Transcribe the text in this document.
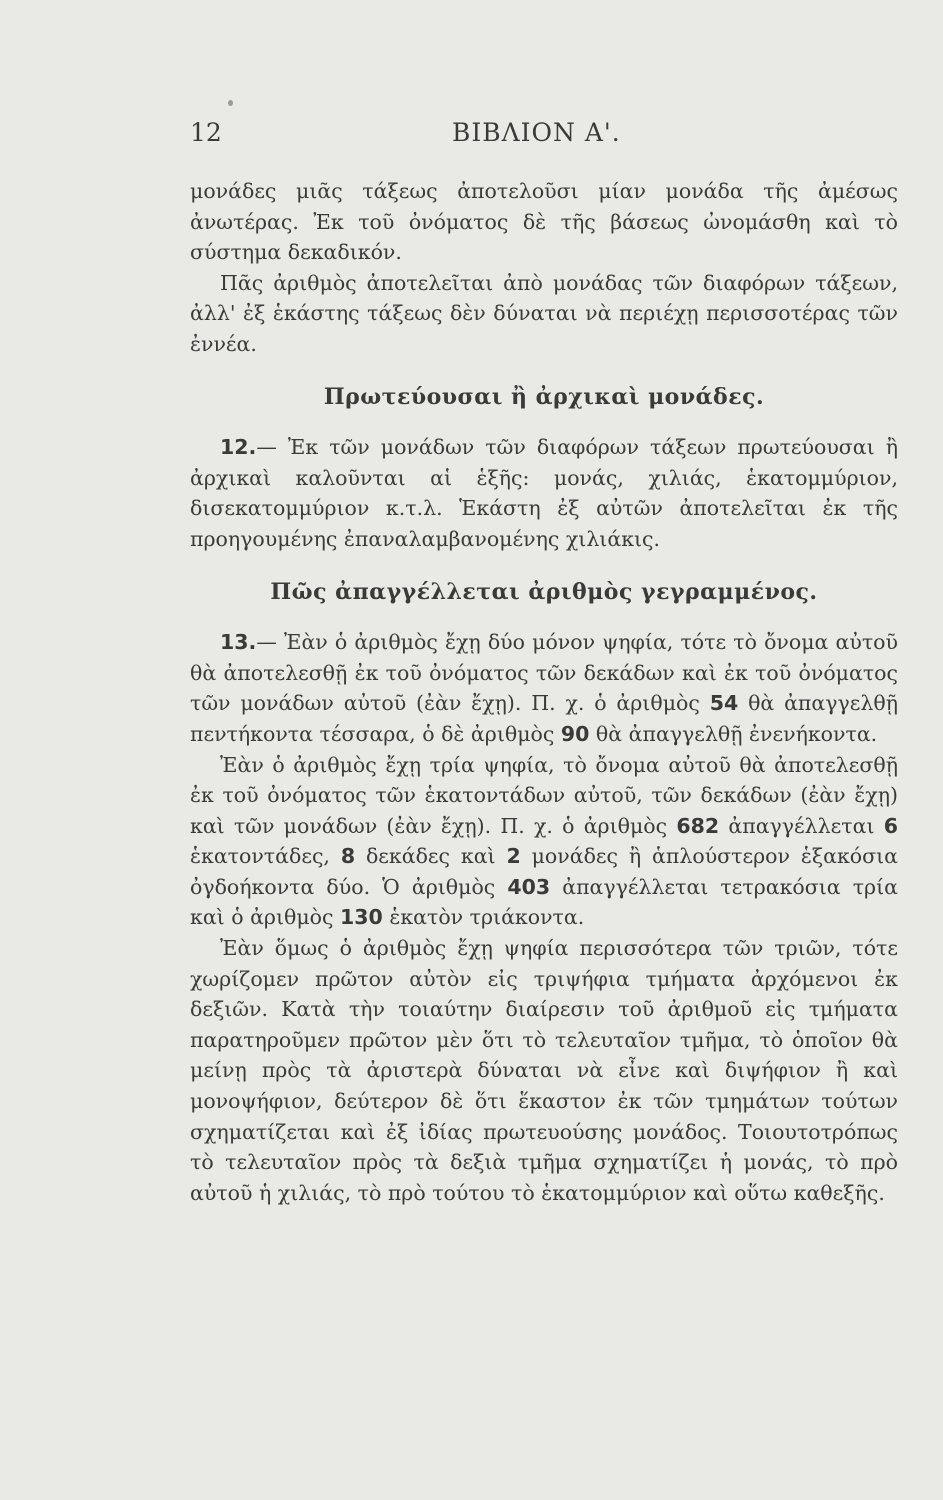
12	ΒΙΒΛΙΟΝ Α'.

μονάδες μιᾶς τάξεως ἀποτελοῦσι μίαν μονάδα τῆς ἀμέσως ἀνωτέρας. Ἐκ τοῦ ὀνόματος δὲ τῆς βάσεως ὠνομάσθη καὶ τὸ σύστημα δεκαδικόν.

Πᾶς ἀριθμὸς ἀποτελεῖται ἀπὸ μονάδας τῶν διαφόρων τάξεων, ἀλλ' ἐξ ἑκάστης τάξεως δὲν δύναται νὰ περιέχῃ περισσοτέρας τῶν ἐννέα.

Πρωτεύουσαι ἢ ἀρχικαὶ μονάδες.

12.— Ἐκ τῶν μονάδων τῶν διαφόρων τάξεων πρωτεύουσαι ἢ ἀρχικαὶ καλοῦνται αἱ ἑξῆς: μονάς, χιλιάς, ἑκατομμύριον, δισεκατομμύριον κ.τ.λ. Ἑκάστη ἐξ αὐτῶν ἀποτελεῖται ἐκ τῆς προηγουμένης ἐπαναλαμβανομένης χιλιάκις.

Πῶς ἀπαγγέλλεται ἀριθμὸς γεγραμμένος.

13.— Ἐὰν ὁ ἀριθμὸς ἔχῃ δύο μόνον ψηφία, τότε τὸ ὄνομα αὐτοῦ θὰ ἀποτελεσθῇ ἐκ τοῦ ὀνόματος τῶν δεκάδων καὶ ἐκ τοῦ ὀνόματος τῶν μονάδων αὐτοῦ (ἐὰν ἔχῃ). Π. χ. ὁ ἀριθμὸς 54 θὰ ἀπαγγελθῇ πεντήκοντα τέσσαρα, ὁ δὲ ἀριθμὸς 90 θὰ ἀπαγγελθῇ ἐνενήκοντα.

Ἐὰν ὁ ἀριθμὸς ἔχῃ τρία ψηφία, τὸ ὄνομα αὐτοῦ θὰ ἀποτελεσθῇ ἐκ τοῦ ὀνόματος τῶν ἑκατοντάδων αὐτοῦ, τῶν δεκάδων (ἐὰν ἔχῃ) καὶ τῶν μονάδων (ἐὰν ἔχῃ). Π. χ. ὁ ἀριθμὸς 682 ἀπαγγέλλεται 6 ἑκατοντάδες, 8 δεκάδες καὶ 2 μονάδες ἢ ἁπλούστερον ἑξακόσια ὀγδοήκοντα δύο. Ὁ ἀριθμὸς 403 ἀπαγγέλλεται τετρακόσια τρία καὶ ὁ ἀριθμὸς 130 ἑκατὸν τριάκοντα.

Ἐὰν ὅμως ὁ ἀριθμὸς ἔχῃ ψηφία περισσότερα τῶν τριῶν, τότε χωρίζομεν πρῶτον αὐτὸν εἰς τριψήφια τμήματα ἀρχόμενοι ἐκ δεξιῶν. Κατὰ τὴν τοιαύτην διαίρεσιν τοῦ ἀριθμοῦ εἰς τμήματα παρατηροῦμεν πρῶτον μὲν ὅτι τὸ τελευταῖον τμῆμα, τὸ ὁποῖον θὰ μείνῃ πρὸς τὰ ἀριστερὰ δύναται νὰ εἶνε καὶ διψήφιον ἢ καὶ μονοψήφιον, δεύτερον δὲ ὅτι ἕκαστον ἐκ τῶν τμημάτων τούτων σχηματίζεται καὶ ἐξ ἰδίας πρωτευούσης μονάδος. Τοιουτοτρόπως τὸ τελευταῖον πρὸς τὰ δεξιὰ τμῆμα σχηματίζει ἡ μονάς, τὸ πρὸ αὐτοῦ ἡ χιλιάς, τὸ πρὸ τούτου τὸ ἑκατομμύριον καὶ οὕτω καθεξῆς.
